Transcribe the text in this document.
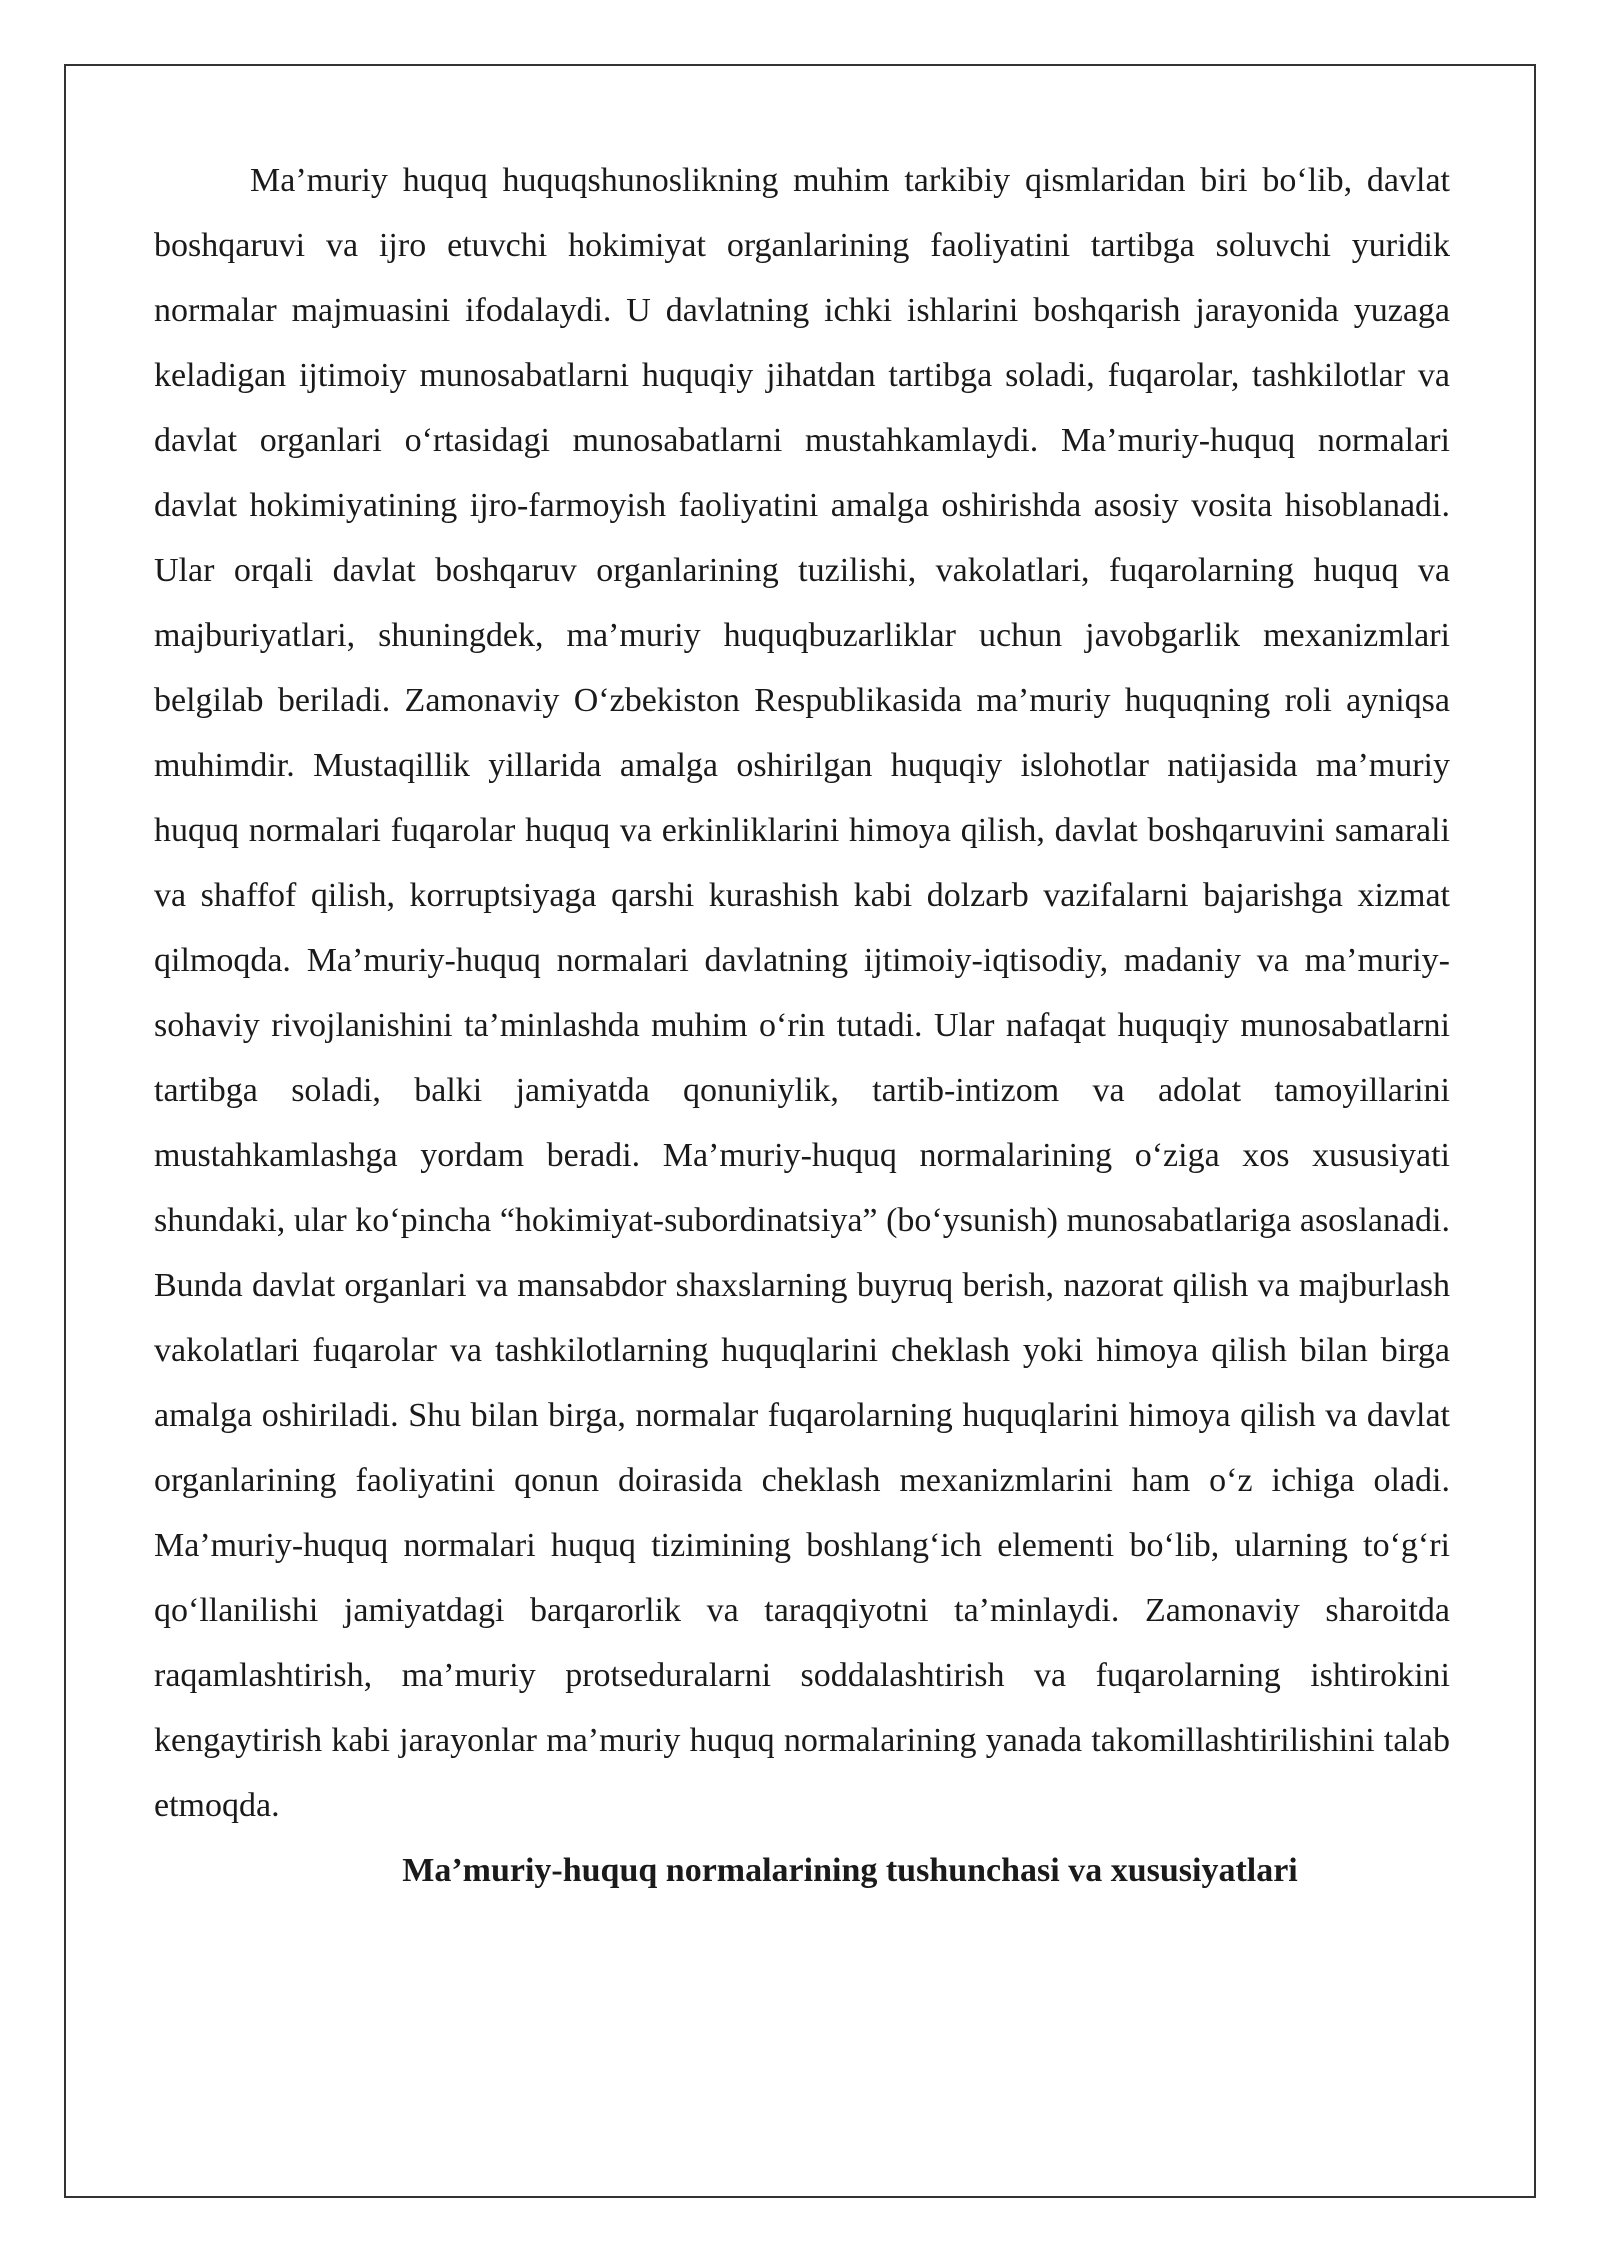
Ma’muriy huquq huquqshunoslikning muhim tarkibiy qismlaridan biri bo‘lib, davlat boshqaruvi va ijro etuvchi hokimiyat organlarining faoliyatini tartibga soluvchi yuridik normalar majmuasini ifodalaydi. U davlatning ichki ishlarini boshqarish jarayonida yuzaga keladigan ijtimoiy munosabatlarni huquqiy jihatdan tartibga soladi, fuqarolar, tashkilotlar va davlat organlari o‘rtasidagi munosabatlarni mustahkamlaydi. Ma’muriy-huquq normalari davlat hokimiyatining ijro-farmoyish faoliyatini amalga oshirishda asosiy vosita hisoblanadi. Ular orqali davlat boshqaruv organlarining tuzilishi, vakolatlari, fuqarolarning huquq va majburiyatlari, shuningdek, ma’muriy huquqbuzarliklar uchun javobgarlik mexanizmlari belgilab beriladi. Zamonaviy O‘zbekiston Respublikasida ma’muriy huquqning roli ayniqsa muhimdir. Mustaqillik yillarida amalga oshirilgan huquqiy islohotlar natijasida ma’muriy huquq normalari fuqarolar huquq va erkinliklarini himoya qilish, davlat boshqaruvini samarali va shaffof qilish, korruptsiyaga qarshi kurashish kabi dolzarb vazifalarni bajarishga xizmat qilmoqda. Ma’muriy-huquq normalari davlatning ijtimoiy-iqtisodiy, madaniy va ma’muriy-sohaviy rivojlanishini ta’minlashda muhim o‘rin tutadi. Ular nafaqat huquqiy munosabatlarni tartibga soladi, balki jamiyatda qonuniylik, tartib-intizom va adolat tamoyillarini mustahkamlashga yordam beradi. Ma’muriy-huquq normalarining o‘ziga xos xususiyati shundaki, ular ko‘pincha “hokimiyat-subordinatsiya” (bo‘ysunish) munosabatlariga asoslanadi. Bunda davlat organlari va mansabdor shaxslarning buyruq berish, nazorat qilish va majburlash vakolatlari fuqarolar va tashkilotlarning huquqlarini cheklash yoki himoya qilish bilan birga amalga oshiriladi. Shu bilan birga, normalar fuqarolarning huquqlarini himoya qilish va davlat organlarining faoliyatini qonun doirasida cheklash mexanizmlarini ham o‘z ichiga oladi. Ma’muriy-huquq normalari huquq tizimining boshlang‘ich elementi bo‘lib, ularning to‘g‘ri qo‘llanilishi jamiyatdagi barqarorlik va taraqqiyotni ta’minlaydi. Zamonaviy sharoitda raqamlashtirish, ma’muriy protseduralarni soddalashtirish va fuqarolarning ishtirokini kengaytirish kabi jarayonlar ma’muriy huquq normalarining yanada takomillashtirilishini talab etmoqda.

Ma’muriy-huquq normalarining tushunchasi va xususiyatlari
